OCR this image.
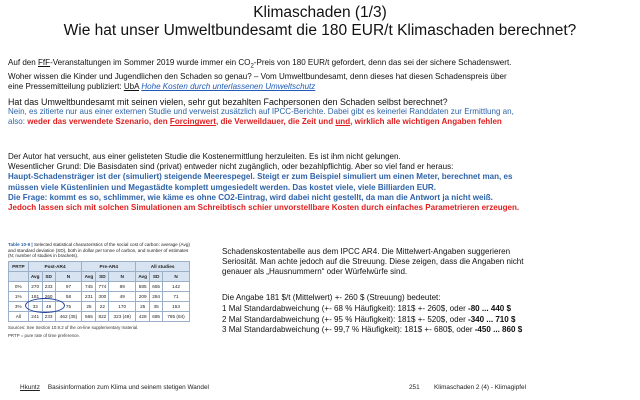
Klimaschaden (1/3)
Wie hat unser Umweltbundesamt die 180 EUR/t Klimaschaden berechnet?
Auf den FfF-Veranstaltungen im Sommer 2019 wurde immer ein $CO_2$-Preis von 180 EUR/t gefordert, denn das sei der sichere Schadenswert.
Woher wissen die Kinder und Jugendlichen den Schaden so genau? – Vom Umweltbundesamt, denn dieses hat diesen Schadenspreis über
eine Pressemitteilung publiziert: UbA Hohe Kosten durch unterlassenen Umweltschutz
Hat das Umweltbundesamt mit seinen vielen, sehr gut bezahlten Fachpersonen den Schaden selbst berechnet?
Nein, es zitierte nur aus einer externen Studie und verweist zusätzlich auf IPCC-Berichte. Dabei gibt es keinerlei Randdaten zur Ermittlung an,
also: weder das verwendete Szenario, den Forcingwert, die Verweildauer, die Zeit und und, wirklich alle wichtigen Angaben fehlen
Der Autor hat versucht, aus einer gelisteten Studie die Kostenermittlung herzuleiten. Es ist ihm nicht gelungen.
Wesentlicher Grund: Die Basisdaten sind (privat) entweder nicht zugänglich, oder bezahlpflichtig. Aber so viel fand er heraus:
Haupt-Schadensträger ist der (simuliert) steigende Meerespegel. Steigt er zum Beispiel simuliert um einen Meter, berechnet man, es
müssen viele Küstenlinien und Megastädte komplett umgesiedelt werden. Das kostet viele, viele Billiarden EUR.
Die Frage: kommt es so, schlimmer, wie käme es ohne CO2-Eintrag, wird dabei nicht gestellt, da man die Antwort ja nicht weiß.
Jedoch lassen sich mit solchen Simulationen am Schreibtisch schier unvorstellbare Kosten durch einfaches Parametrieren erzeugen.
Table 10-9 | Selected statistical characteristics of the social cost of carbon: average (Avg) and standard deviation (SD), both in dollar per tonne of carbon, and number of estimates (N; number of studies in brackets).
PRTP	Post-AR4			Pre-AR4			All studies		
	Avg	SD	N	Avg	SD	N	Avg	SD	N
0%	270	233	97	745	774	89	585	655	142
1%	181	260	58	231	300	49	209	284	71
3%	33	49	75	25	22	170	25	35	153
All	241	233	462 (35)	565	822	323 (49)	428	685	785 (84)
Sources: See Section 10.9.2 of the on-line supplementary material.
PRTP = pure rate of time preference.
Schadenskostentabelle aus dem IPCC AR4. Die Mittelwert-Angaben suggerieren
Seriosität. Man achte jedoch auf die Streuung. Diese zeigen, dass die Angaben nicht
genauer als „Hausnummern“ oder Würfelwürfe sind.
Die Angabe 181 $/t (Mittelwert) +- 260 $ (Streuung) bedeutet:
1 Mal Standardabweichung (+- 68 % Häufigkeit): 181$ +- 260$, oder -80 ... 440 $
2 Mal Standardabweichung (+- 95 % Häufigkeit): 181$ +- 520$, oder -340 ... 710 $
3 Mal Standardabweichung (+- 99,7 % Häufigkeit): 181$ +- 680$, oder -450 ... 860 $
Hkuntz Basisinformation zum Klima und seinem stetigen Wandel	251 Klimaschaden 2 (4) - Klimagipfel
